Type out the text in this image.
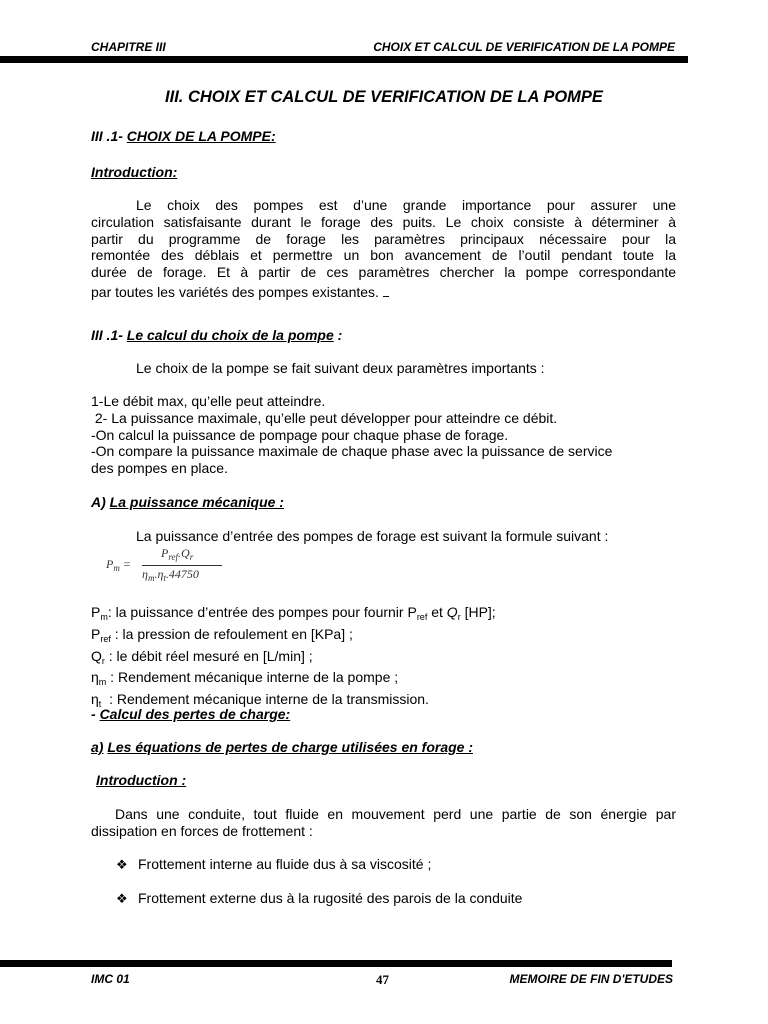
CHAPITRE III	CHOIX ET CALCUL DE VERIFICATION DE LA POMPE
III. CHOIX ET CALCUL DE VERIFICATION DE LA POMPE
III .1- CHOIX DE LA POMPE:
Introduction:
Le choix des pompes est d’une grande importance pour assurer une
circulation satisfaisante durant le forage des puits. Le choix consiste à déterminer à
partir du programme de forage les paramètres principaux nécessaire pour la
remontée des déblais et permettre un bon avancement de l’outil pendant toute la
durée de forage. Et à partir de ces paramètres chercher la pompe correspondante
par toutes les variétés des pompes existantes.
III .1- Le calcul du choix de la pompe :
Le choix de la pompe se fait suivant deux paramètres importants :
1-Le débit max, qu’elle peut atteindre.
2- La puissance maximale, qu’elle peut développer pour atteindre ce débit.
-On calcul la puissance de pompage pour chaque phase de forage.
-On compare la puissance maximale de chaque phase avec la puissance de service
des pompes en place.
A) La puissance mécanique :
La puissance d’entrée des pompes de forage est suivant la formule suivant :
$P_m$ =
$P_{ref}.Q_r$
$\eta_m.\eta_t.44750$
$P_m$: la puissance d’entrée des pompes pour fournir $P_{ref}$ et $Q_r$ [HP];
$P_{ref}$ : la pression de refoulement en [KPa] ;
$Q_r$ : le débit réel mesuré en [L/min] ;
$\eta_m$ : Rendement mécanique interne de la pompe ;
$\eta_t$  : Rendement mécanique interne de la transmission.
- Calcul des pertes de charge:
a) Les équations de pertes de charge utilisées en forage :
Introduction :
Dans une conduite, tout fluide en mouvement perd une partie de son énergie par
dissipation en forces de frottement :
❖ Frottement interne au fluide dus à sa viscosité ;
❖ Frottement externe dus à la rugosité des parois de la conduite
IMC 01	47	MEMOIRE DE FIN D'ETUDES
